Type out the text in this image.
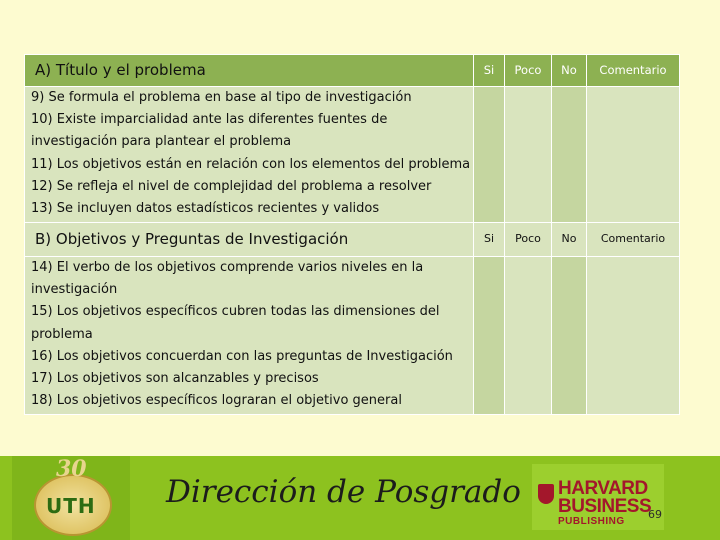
A) Título y el problema	Si	Poco	No	Comentario

9) Se formula el problema en base al tipo de investigación
10) Existe imparcialidad ante las diferentes fuentes de investigación para plantear el problema
11) Los objetivos están en relación con los elementos del problema
12) Se refleja el nivel de complejidad del problema a resolver
13) Se incluyen datos estadísticos recientes y validos				

B) Objetivos y Preguntas de Investigación	Si	Poco	No	Comentario

14) El verbo de los objetivos comprende varios niveles en la investigación
15) Los objetivos específicos cubren todas las dimensiones del problema
16) Los objetivos concuerdan con las preguntas de Investigación
17) Los objetivos son alcanzables y precisos
18) Los objetivos específicos lograran el objetivo general				

30
UTH Dirección de Posgrado HARVARD
BUSINESS
PUBLISHING
69
